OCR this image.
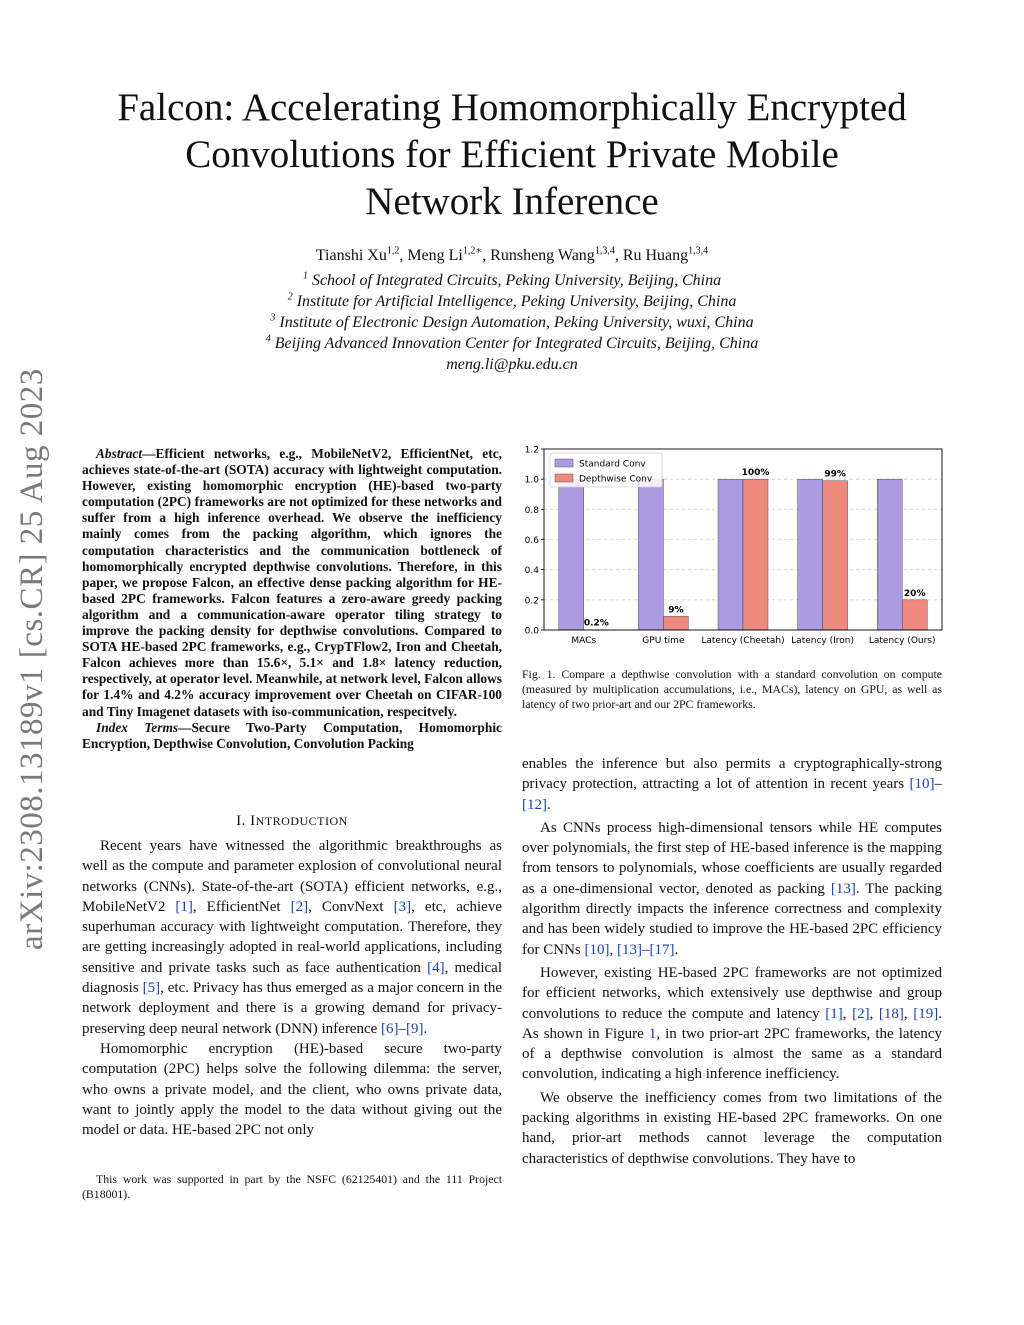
arXiv:2308.13189v1 [cs.CR] 25 Aug 2023
Falcon: Accelerating Homomorphically Encrypted
Convolutions for Efficient Private Mobile
Network Inference
Tianshi Xu$^{1,2}$, Meng $Li^{1,2∗}$, Runsheng Wang$^{1,3,4}$, Ru Huang$^{1,3,4}$
$^1$ School of Integrated Circuits, Peking University, Beijing, China
$^2$ Institute for Artificial Intelligence, Peking University, Beijing, China
$^3$ Institute of Electronic Design Automation, Peking University, wuxi, China
$^4$ Beijing Advanced Innovation Center for Integrated Circuits, Beijing, China
meng.li@pku.edu.cn
Abstract—Efficient networks, e.g., MobileNetV2, EfficientNet, etc, achieves state-of-the-art (SOTA) accuracy with lightweight computation. However, existing homomorphic encryption (HE)-based two-party computation (2PC) frameworks are not optimized for these networks and suffer from a high inference overhead. We observe the inefficiency mainly comes from the packing algorithm, which ignores the computation characteristics and the communication bottleneck of homomorphically encrypted depthwise convolutions. Therefore, in this paper, we propose Falcon, an effective dense packing algorithm for HE-based 2PC frameworks. Falcon features a zero-aware greedy packing algorithm and a communication-aware operator tiling strategy to improve the packing density for depthwise convolutions. Compared to SOTA HE-based 2PC frameworks, e.g., CrypTFlow2, Iron and Cheetah, Falcon achieves more than 15.6×, 5.1× and 1.8× latency reduction, respectively, at operator level. Meanwhile, at network level, Falcon allows for 1.4% and 4.2% accuracy improvement over Cheetah on CIFAR-100 and Tiny Imagenet datasets with iso-communication, respecitvely.
Index Terms—Secure Two-Party Computation, Homomorphic Encryption, Depthwise Convolution, Convolution Packing
I. INTRODUCTION

Recent years have witnessed the algorithmic breakthroughs as well as the compute and parameter explosion of convolutional neural networks (CNNs). State-of-the-art (SOTA) efficient networks, e.g., MobileNetV2 [1], EfficientNet [2], ConvNext [3], etc, achieve superhuman accuracy with lightweight computation. Therefore, they are getting increasingly adopted in real-world applications, including sensitive and private tasks such as face authentication [4], medical diagnosis [5], etc. Privacy has thus emerged as a major concern in the network deployment and there is a growing demand for privacy-preserving deep neural network (DNN) inference [6]–[9].

Homomorphic encryption (HE)-based secure two-party computation (2PC) helps solve the following dilemma: the server, who owns a private model, and the client, who owns private data, want to jointly apply the model to the data without giving out the model or data. HE-based 2PC not only

This work was supported in part by the NSFC (62125401) and the 111 Project (B18001).
0.0
0.2
0.4
0.6
0.8
1.0
1.2
MACs
0.2%
GPU time
9%
Latency (Cheetah)
100%
Latency (Iron)
99%
Latency (Ours)
20%
Standard Conv
Depthwise Conv
Fig. 1. Compare a depthwise convolution with a standard convolution on compute (measured by multiplication accumulations, i.e., MACs), latency on GPU, as well as latency of two prior-art and our 2PC frameworks.

enables the inference but also permits a cryptographically-strong privacy protection, attracting a lot of attention in recent years [10]–[12].

As CNNs process high-dimensional tensors while HE computes over polynomials, the first step of HE-based inference is the mapping from tensors to polynomials, whose coefficients are usually regarded as a one-dimensional vector, denoted as packing [13]. The packing algorithm directly impacts the inference correctness and complexity and has been widely studied to improve the HE-based 2PC efficiency for CNNs [10], [13]–[17].

However, existing HE-based 2PC frameworks are not optimized for efficient networks, which extensively use depthwise and group convolutions to reduce the compute and latency [1], [2], [18], [19]. As shown in Figure 1, in two prior-art 2PC frameworks, the latency of a depthwise convolution is almost the same as a standard convolution, indicating a high inference inefficiency.

We observe the inefficiency comes from two limitations of the packing algorithms in existing HE-based 2PC frameworks. On one hand, prior-art methods cannot leverage the computation characteristics of depthwise convolutions. They have to
